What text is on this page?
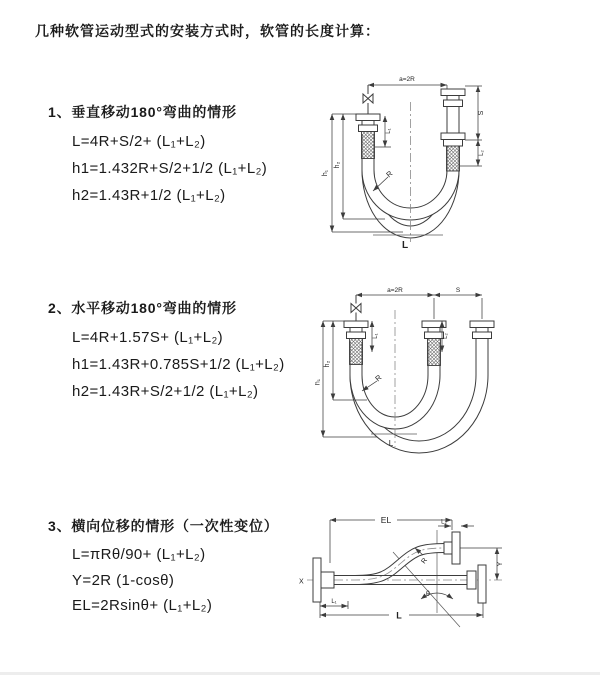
几种软管运动型式的安装方式时，软管的长度计算：
1、垂直移动180°弯曲的情形
L=4R+S/2+ (L₁+L₂)
h1=1.432R+S/2+1/2 (L₁+L₂)
h2=1.43R+1/2 (L₁+L₂)
2、水平移动180°弯曲的情形
L=4R+1.57S+ (L₁+L₂)
h1=1.43R+0.785S+1/2 (L₁+L₂)
h2=1.43R+S/2+1/2 (L₁+L₂)
3、横向位移的情形（一次性变位）
L=πRθ/90+ (L₁+L₂)
Y=2R (1-cosθ)
EL=2Rsinθ+ (L₁+L₂)
a=2R
h₁
h₂
L₁
S
L₂
R
L
a=2R	S
h₁
h₂
L₁	L₂
R
L
EL	L₂
Y
L
L₁
R
θ
X
